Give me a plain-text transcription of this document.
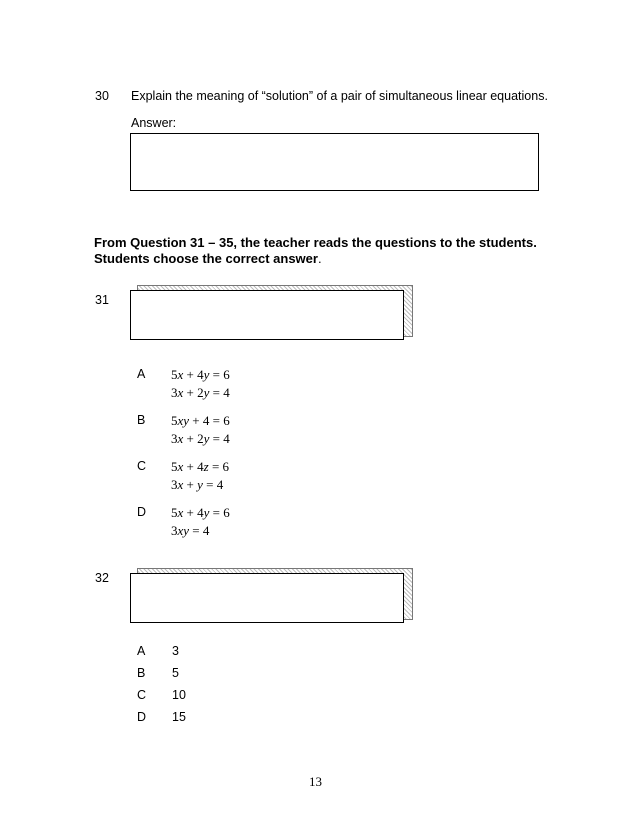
30 Explain the meaning of “solution” of a pair of simultaneous linear equations.
Answer:
From Question 31 – 35, the teacher reads the questions to the students.
Students choose the correct answer.
31
A 5x + 4y = 6
3x + 2y = 4
B 5xy + 4 = 6
3x + 2y = 4
C 5x + 4z = 6
3x + y = 4
D 5x + 4y = 6
3xy = 4
32
A 3
B 5
C 10
D 15
13
